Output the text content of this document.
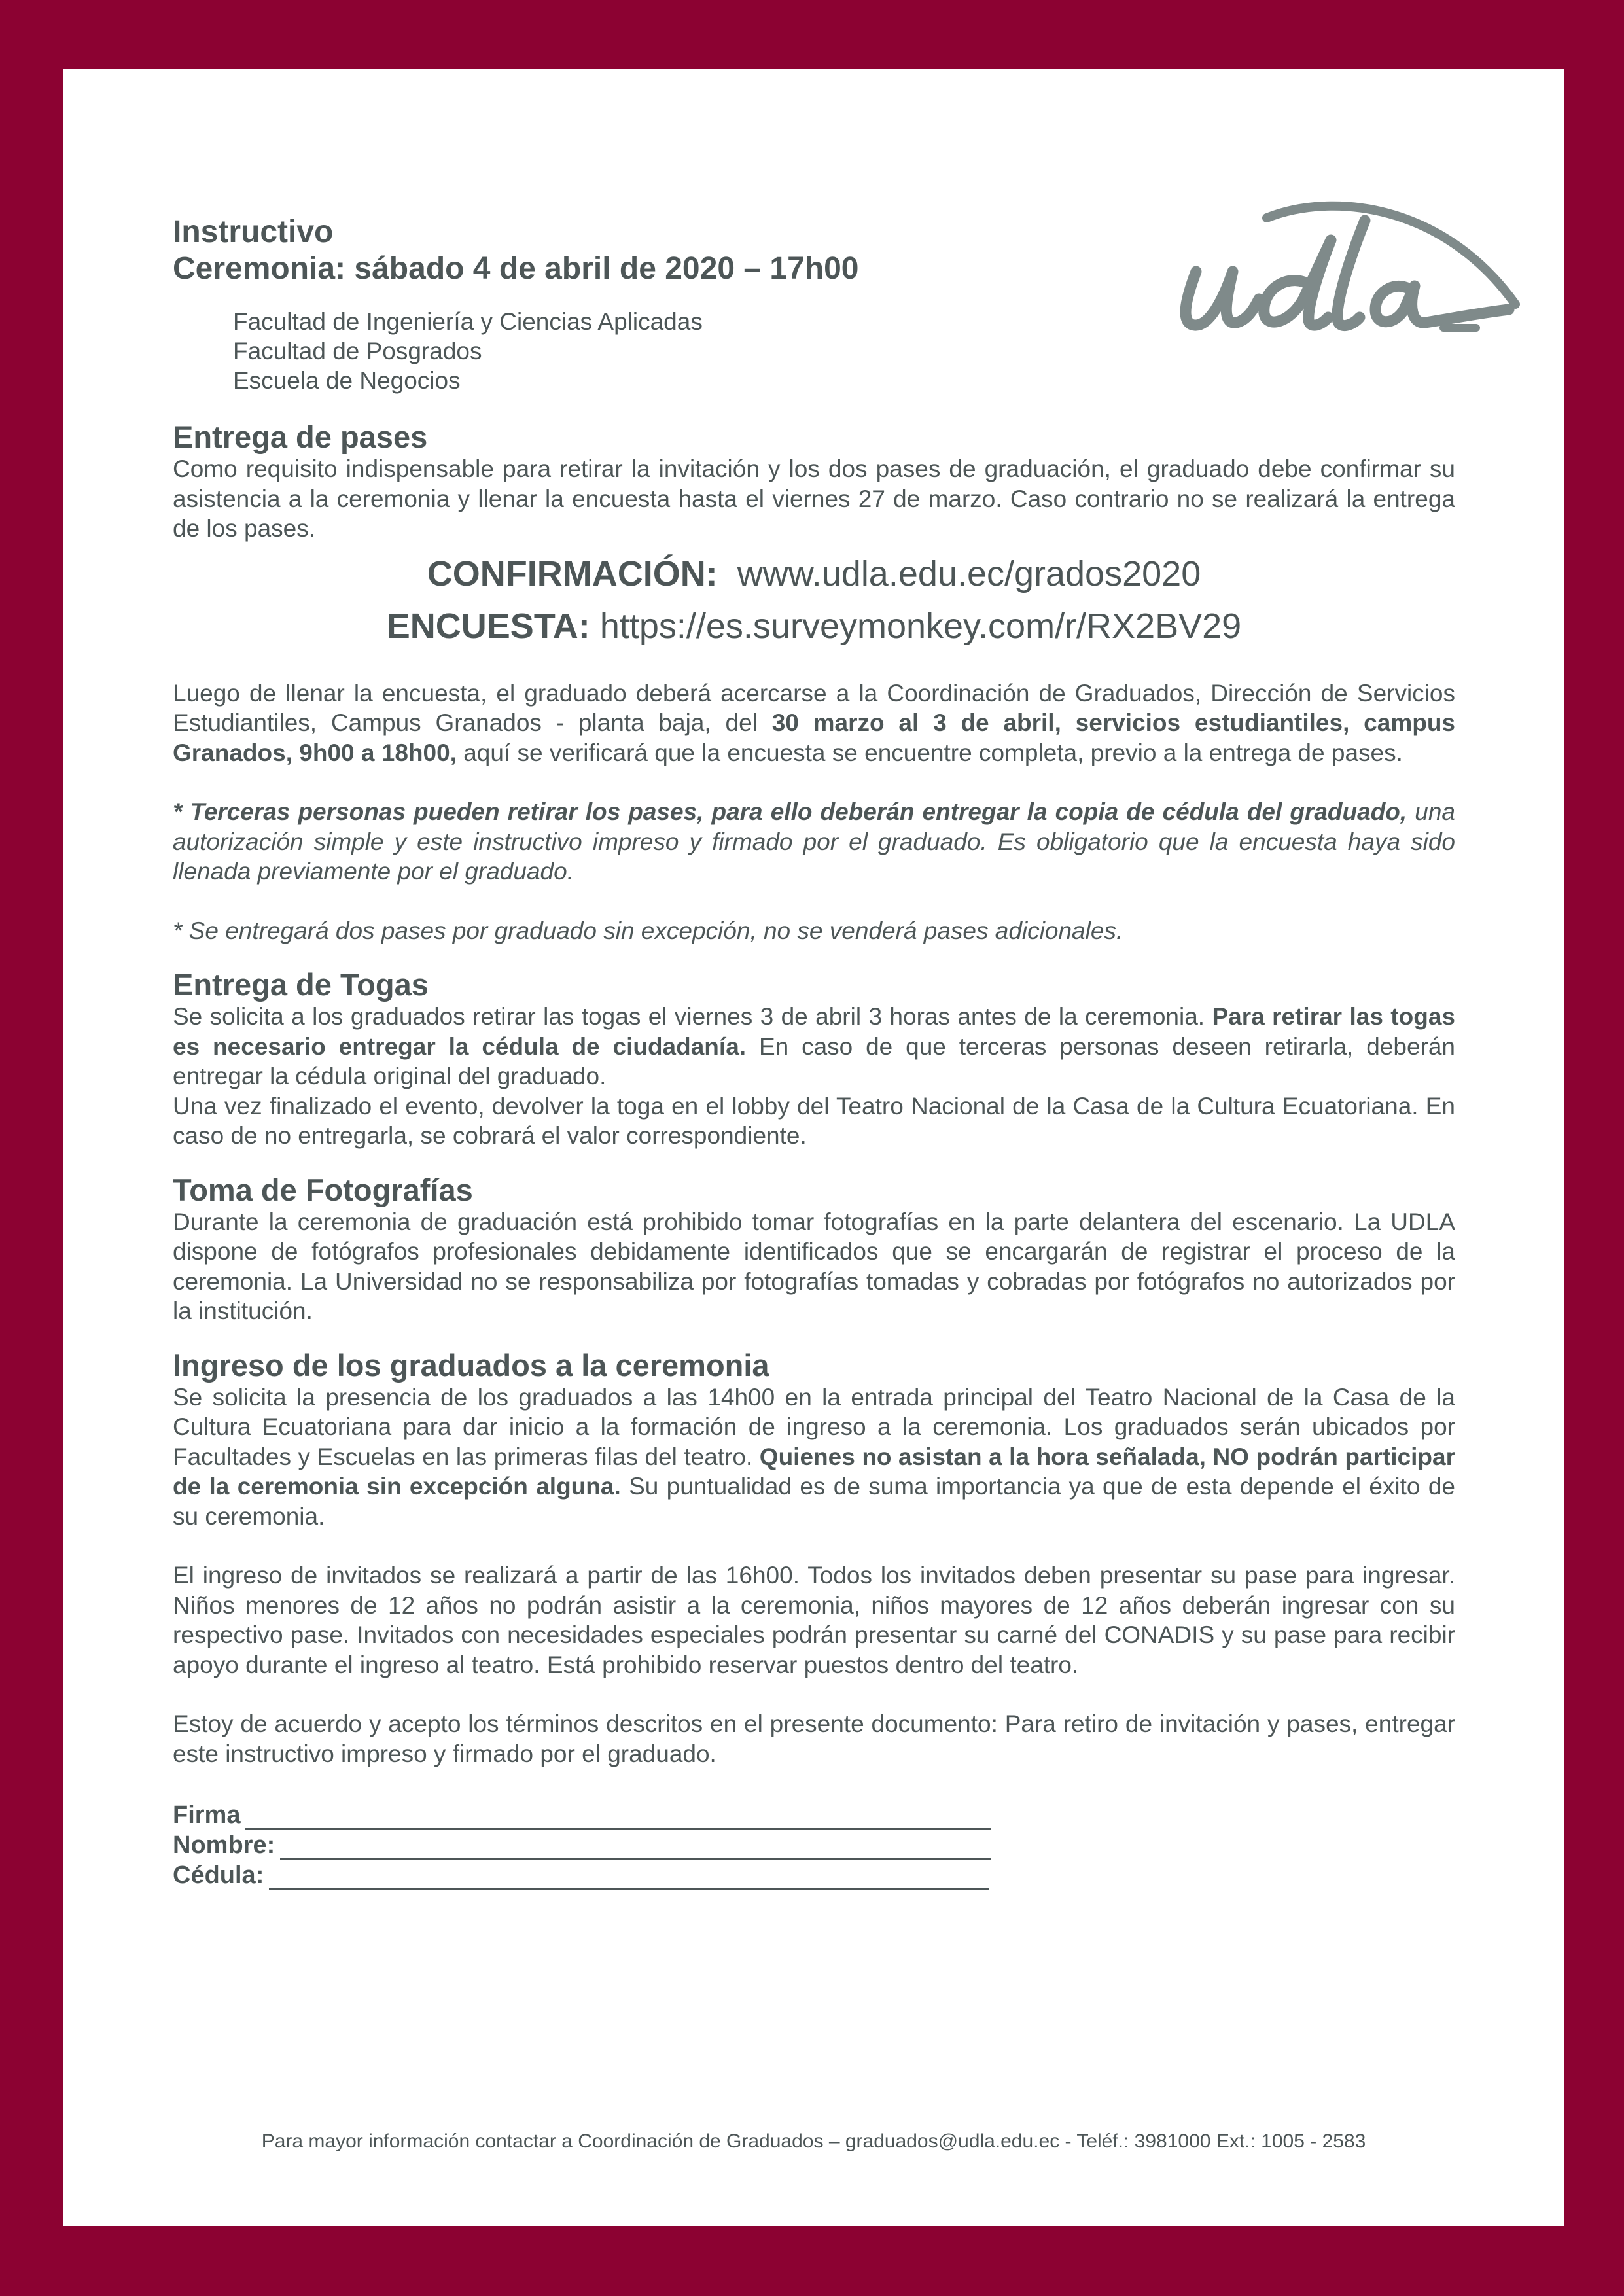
Instructivo
Ceremonia: sábado 4 de abril de 2020 – 17h00
Facultad de Ingeniería y Ciencias Aplicadas
Facultad de Posgrados
Escuela de Negocios
Entrega de pases

Como requisito indispensable para retirar la invitación y los dos pases de graduación, el graduado debe confirmar su asistencia a la ceremonia y llenar la encuesta hasta el viernes 27 de marzo. Caso contrario no se realizará la entrega de los pases.

CONFIRMACIÓN: www.udla.edu.ec/grados2020
ENCUESTA: https://es.surveymonkey.com/r/RX2BV29

Luego de llenar la encuesta, el graduado deberá acercarse a la Coordinación de Graduados, Dirección de Servicios Estudiantiles, Campus Granados - planta baja, del 30 marzo al 3 de abril, servicios estudiantiles, campus Granados, 9h00 a 18h00, aquí se verificará que la encuesta se encuentre completa, previo a la entrega de pases.

* Terceras personas pueden retirar los pases, para ello deberán entregar la copia de cédula del graduado, una autorización simple y este instructivo impreso y firmado por el graduado. Es obligatorio que la encuesta haya sido llenada previamente por el graduado.

* Se entregará dos pases por graduado sin excepción, no se venderá pases adicionales.

Entrega de Togas

Se solicita a los graduados retirar las togas el viernes 3 de abril 3 horas antes de la ceremonia. Para retirar las togas es necesario entregar la cédula de ciudadanía. En caso de que terceras personas deseen retirarla, deberán entregar la cédula original del graduado.

Una vez finalizado el evento, devolver la toga en el lobby del Teatro Nacional de la Casa de la Cultura Ecuatoriana. En caso de no entregarla, se cobrará el valor correspondiente.

Toma de Fotografías

Durante la ceremonia de graduación está prohibido tomar fotografías en la parte delantera del escenario. La UDLA dispone de fotógrafos profesionales debidamente identificados que se encargarán de registrar el proceso de la ceremonia. La Universidad no se responsabiliza por fotografías tomadas y cobradas por fotógrafos no autorizados por la institución.

Ingreso de los graduados a la ceremonia

Se solicita la presencia de los graduados a las 14h00 en la entrada principal del Teatro Nacional de la Casa de la Cultura Ecuatoriana para dar inicio a la formación de ingreso a la ceremonia. Los graduados serán ubicados por Facultades y Escuelas en las primeras filas del teatro. Quienes no asistan a la hora señalada, NO podrán participar de la ceremonia sin excepción alguna. Su puntualidad es de suma importancia ya que de esta depende el éxito de su ceremonia.

El ingreso de invitados se realizará a partir de las 16h00. Todos los invitados deben presentar su pase para ingresar. Niños menores de 12 años no podrán asistir a la ceremonia, niños mayores de 12 años deberán ingresar con su respectivo pase. Invitados con necesidades especiales podrán presentar su carné del CONADIS y su pase para recibir apoyo durante el ingreso al teatro. Está prohibido reservar puestos dentro del teatro.

Estoy de acuerdo y acepto los términos descritos en el presente documento: Para retiro de invitación y pases, entregar este instructivo impreso y firmado por el graduado.

Firma
Nombre:
Cédula:
Para mayor información contactar a Coordinación de Graduados – graduados@udla.edu.ec - Teléf.: 3981000 Ext.: 1005 - 2583
